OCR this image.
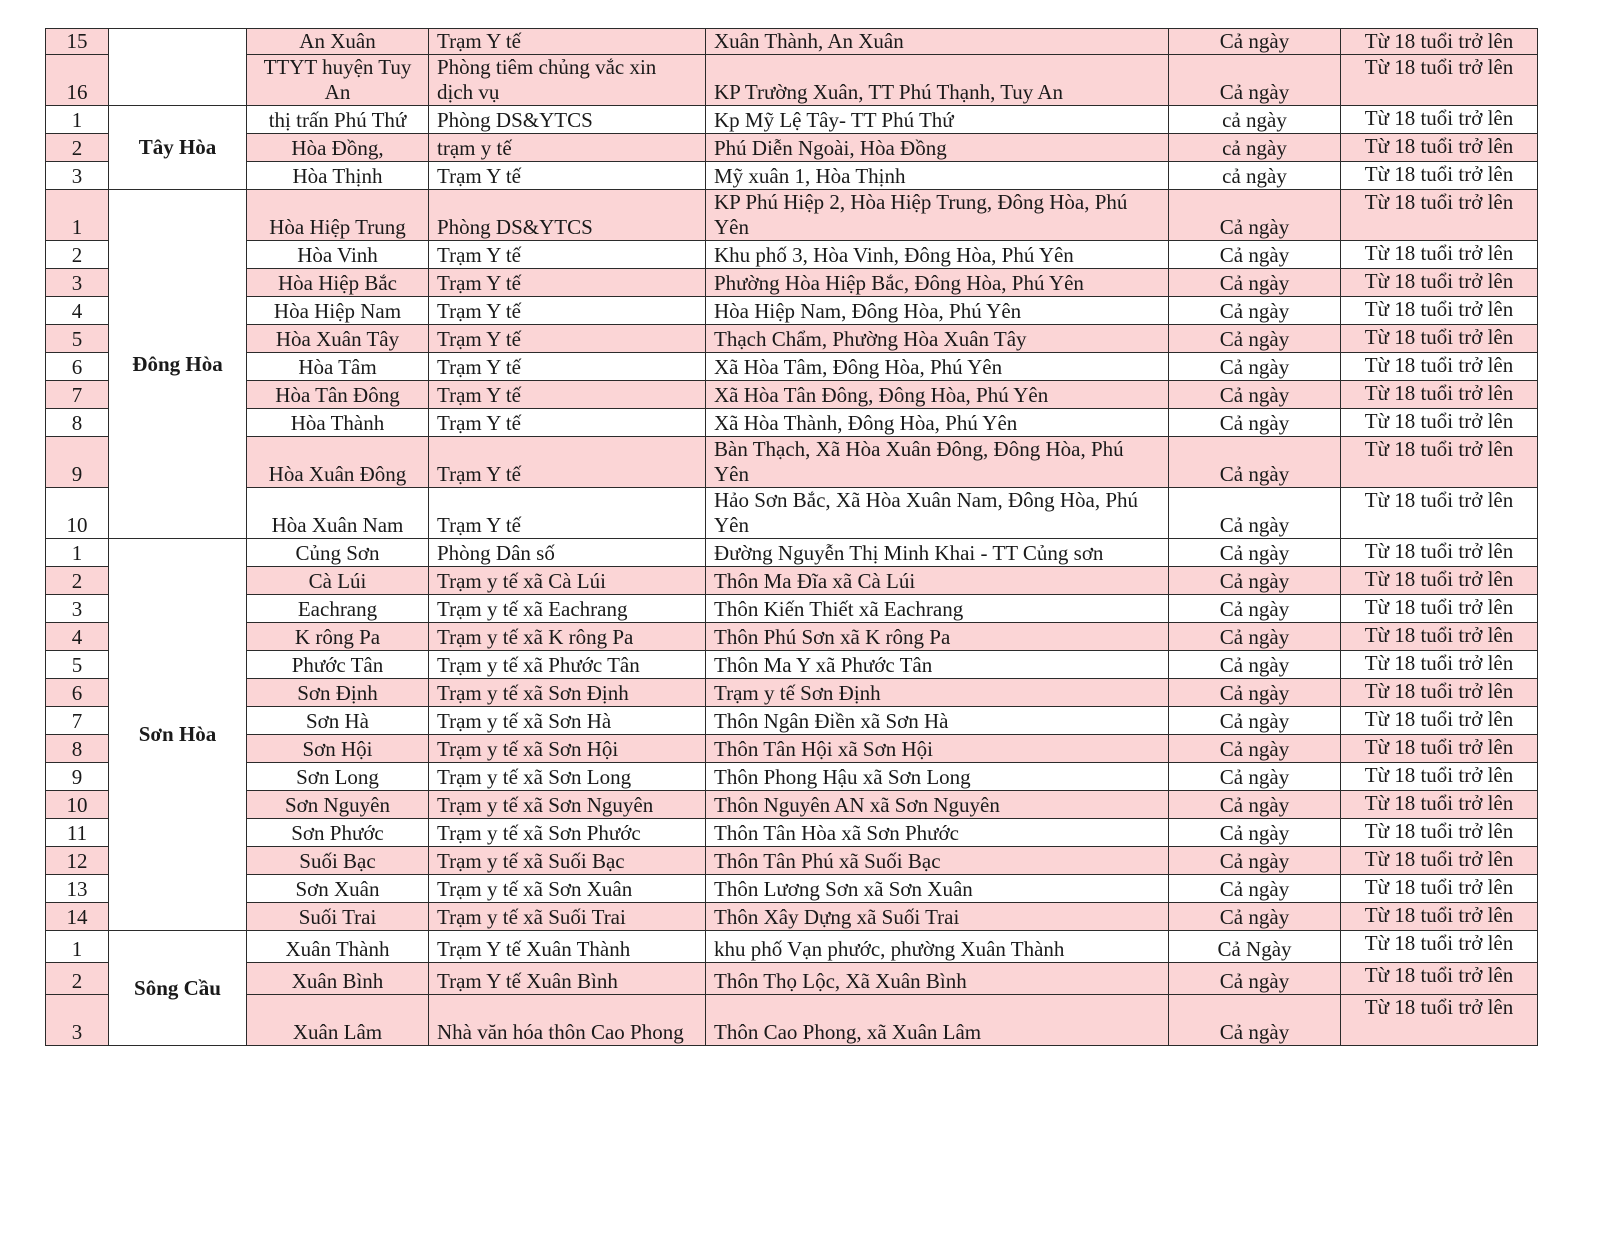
15		An Xuân	Trạm Y tế	Xuân Thành, An Xuân	Cả ngày	Từ 18 tuổi trở lên
16		TTYT huyện Tuy An	Phòng tiêm chủng vắc xin dịch vụ	KP Trường Xuân, TT Phú Thạnh, Tuy An	Cả ngày	Từ 18 tuổi trở lên
1	Tây Hòa	thị trấn Phú Thứ	Phòng DS&YTCS	Kp Mỹ Lệ Tây- TT Phú Thứ	cả ngày	Từ 18 tuổi trở lên
2		Hòa Đồng,	trạm y tế	Phú Diễn Ngoài, Hòa Đồng	cả ngày	Từ 18 tuổi trở lên
3		Hòa Thịnh	Trạm Y tế	Mỹ xuân 1, Hòa Thịnh	cả ngày	Từ 18 tuổi trở lên
1	Đông Hòa	Hòa Hiệp Trung	Phòng DS&YTCS	KP Phú Hiệp 2, Hòa Hiệp Trung, Đông Hòa, Phú Yên	Cả ngày	Từ 18 tuổi trở lên
2		Hòa Vinh	Trạm Y tế	Khu phố 3, Hòa Vinh, Đông Hòa, Phú Yên	Cả ngày	Từ 18 tuổi trở lên
3		Hòa Hiệp Bắc	Trạm Y tế	Phường Hòa Hiệp Bắc, Đông Hòa, Phú Yên	Cả ngày	Từ 18 tuổi trở lên
4		Hòa Hiệp Nam	Trạm Y tế	Hòa Hiệp Nam, Đông Hòa, Phú Yên	Cả ngày	Từ 18 tuổi trở lên
5		Hòa Xuân Tây	Trạm Y tế	Thạch Chẩm, Phường Hòa Xuân Tây	Cả ngày	Từ 18 tuổi trở lên
6		Hòa Tâm	Trạm Y tế	Xã Hòa Tâm, Đông Hòa, Phú Yên	Cả ngày	Từ 18 tuổi trở lên
7		Hòa Tân Đông	Trạm Y tế	Xã Hòa Tân Đông, Đông Hòa, Phú Yên	Cả ngày	Từ 18 tuổi trở lên
8		Hòa Thành	Trạm Y tế	Xã Hòa Thành, Đông Hòa, Phú Yên	Cả ngày	Từ 18 tuổi trở lên
9		Hòa Xuân Đông	Trạm Y tế	Bàn Thạch, Xã Hòa Xuân Đông, Đông Hòa, Phú Yên	Cả ngày	Từ 18 tuổi trở lên
10		Hòa Xuân Nam	Trạm Y tế	Hảo Sơn Bắc, Xã Hòa Xuân Nam, Đông Hòa, Phú Yên	Cả ngày	Từ 18 tuổi trở lên
1	Sơn Hòa	Củng Sơn	Phòng Dân số	Đường Nguyễn Thị Minh Khai - TT Củng sơn	Cả ngày	Từ 18 tuổi trở lên
2		Cà Lúi	Trạm y tế xã Cà Lúi	Thôn Ma Đĩa xã Cà Lúi	Cả ngày	Từ 18 tuổi trở lên
3		Eachrang	Trạm y tế xã Eachrang	Thôn Kiến Thiết xã Eachrang	Cả ngày	Từ 18 tuổi trở lên
4		K rông Pa	Trạm y tế xã K rông Pa	Thôn Phú Sơn xã K rông Pa	Cả ngày	Từ 18 tuổi trở lên
5		Phước Tân	Trạm y tế xã Phước Tân	Thôn Ma Y xã Phước Tân	Cả ngày	Từ 18 tuổi trở lên
6		Sơn Định	Trạm y tế xã Sơn Định	Trạm y tế Sơn Định	Cả ngày	Từ 18 tuổi trở lên
7		Sơn Hà	Trạm y tế xã Sơn Hà	Thôn Ngân Điền xã Sơn Hà	Cả ngày	Từ 18 tuổi trở lên
8		Sơn Hội	Trạm y tế xã Sơn Hội	Thôn Tân Hội xã Sơn Hội	Cả ngày	Từ 18 tuổi trở lên
9		Sơn Long	Trạm y tế xã Sơn Long	Thôn Phong Hậu xã Sơn Long	Cả ngày	Từ 18 tuổi trở lên
10		Sơn Nguyên	Trạm y tế xã Sơn Nguyên	Thôn Nguyên AN xã Sơn Nguyên	Cả ngày	Từ 18 tuổi trở lên
11		Sơn Phước	Trạm y tế xã Sơn Phước	Thôn Tân Hòa xã Sơn Phước	Cả ngày	Từ 18 tuổi trở lên
12		Suối Bạc	Trạm y tế xã Suối Bạc	Thôn Tân Phú xã Suối Bạc	Cả ngày	Từ 18 tuổi trở lên
13		Sơn Xuân	Trạm y tế xã Sơn Xuân	Thôn Lương Sơn xã Sơn Xuân	Cả ngày	Từ 18 tuổi trở lên
14		Suối Trai	Trạm y tế xã Suối Trai	Thôn Xây Dựng xã Suối Trai	Cả ngày	Từ 18 tuổi trở lên
1	Sông Cầu	Xuân Thành	Trạm Y tế Xuân Thành	khu phố Vạn phước, phường Xuân Thành	Cả Ngày	Từ 18 tuổi trở lên
2		Xuân Bình	Trạm Y tế Xuân Bình	Thôn Thọ Lộc, Xã Xuân Bình	Cả ngày	Từ 18 tuổi trở lên
3		Xuân Lâm	Nhà văn hóa thôn Cao Phong	Thôn Cao Phong, xã Xuân Lâm	Cả ngày	Từ 18 tuổi trở lên
